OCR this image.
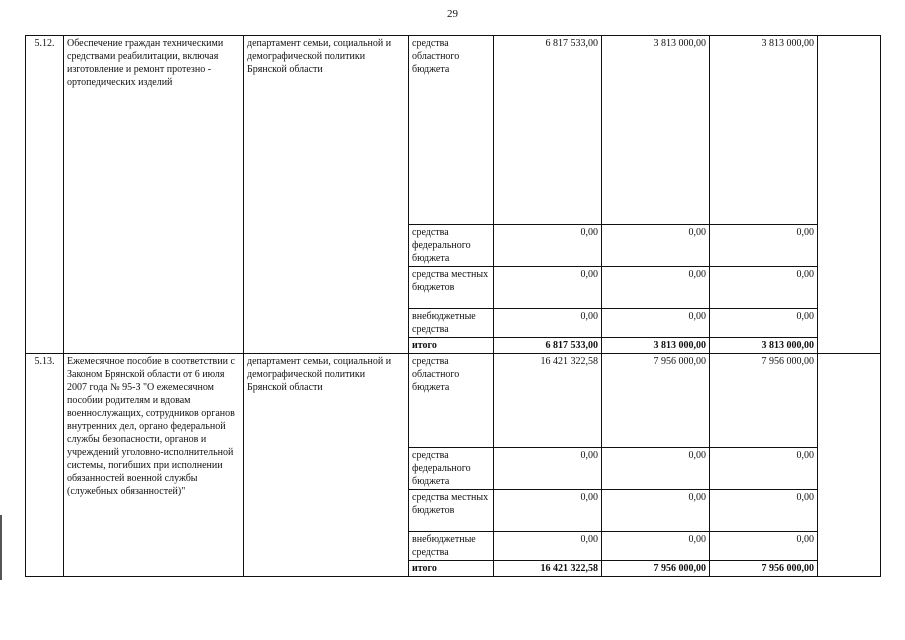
29
5.12.	Обеспечение граждан техническими средствами реабилитации, включая изготовление и ремонт протезно - ортопедических изделий	департамент семьи, социальной и демографической политики Брянской области	средства областного бюджета	6 817 533,00	3 813 000,00	3 813 000,00	
			средства федерального бюджета	0,00	0,00	0,00	
			средства местных бюджетов	0,00	0,00	0,00	
			внебюджетные средства	0,00	0,00	0,00	
			итого	6 817 533,00	3 813 000,00	3 813 000,00	
5.13.	Ежемесячное пособие в соответствии с Законом Брянской области от 6 июля 2007 года № 95-З "О ежемесячном пособии родителям и вдовам военнослужащих, сотрудников органов внутренних дел, органо федеральной службы безопасности, органов и учреждений уголовно-исполнительной системы, погибших при исполнении обязанностей военной службы (служебных обязанностей)"	департамент семьи, социальной и демографической политики Брянской области	средства областного бюджета	16 421 322,58	7 956 000,00	7 956 000,00	
			средства федерального бюджета	0,00	0,00	0,00	
			средства местных бюджетов	0,00	0,00	0,00	
			внебюджетные средства	0,00	0,00	0,00	
			итого	16 421 322,58	7 956 000,00	7 956 000,00	
